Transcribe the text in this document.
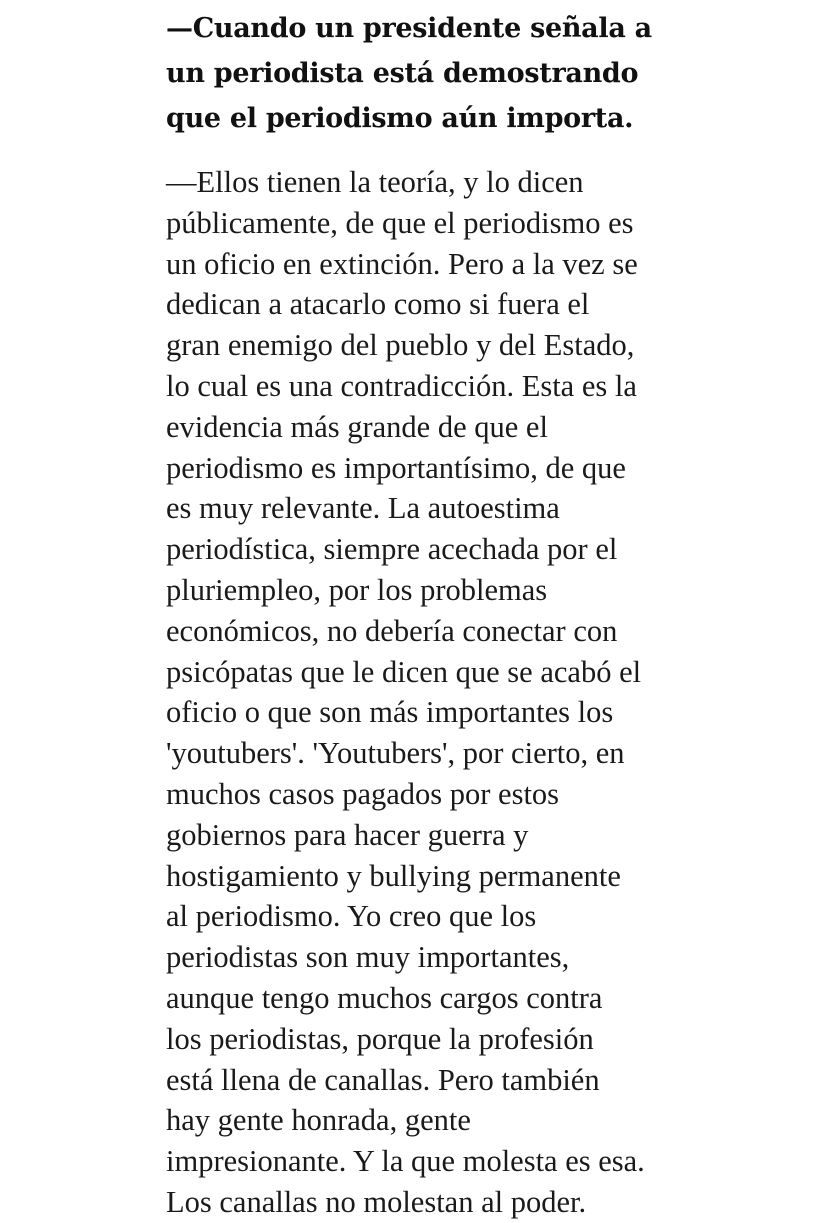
—Cuando un presidente señala a
un periodista está demostrando
que el periodismo aún importa.

—Ellos tienen la teoría, y lo dicen
públicamente, de que el periodismo es
un oficio en extinción. Pero a la vez se
dedican a atacarlo como si fuera el
gran enemigo del pueblo y del Estado,
lo cual es una contradicción. Esta es la
evidencia más grande de que el
periodismo es importantísimo, de que
es muy relevante. La autoestima
periodística, siempre acechada por el
pluriempleo, por los problemas
económicos, no debería conectar con
psicópatas que le dicen que se acabó el
oficio o que son más importantes los
'youtubers'. 'Youtubers', por cierto, en
muchos casos pagados por estos
gobiernos para hacer guerra y
hostigamiento y bullying permanente
al periodismo. Yo creo que los
periodistas son muy importantes,
aunque tengo muchos cargos contra
los periodistas, porque la profesión
está llena de canallas. Pero también
hay gente honrada, gente
impresionante. Y la que molesta es esa.
Los canallas no molestan al poder.
